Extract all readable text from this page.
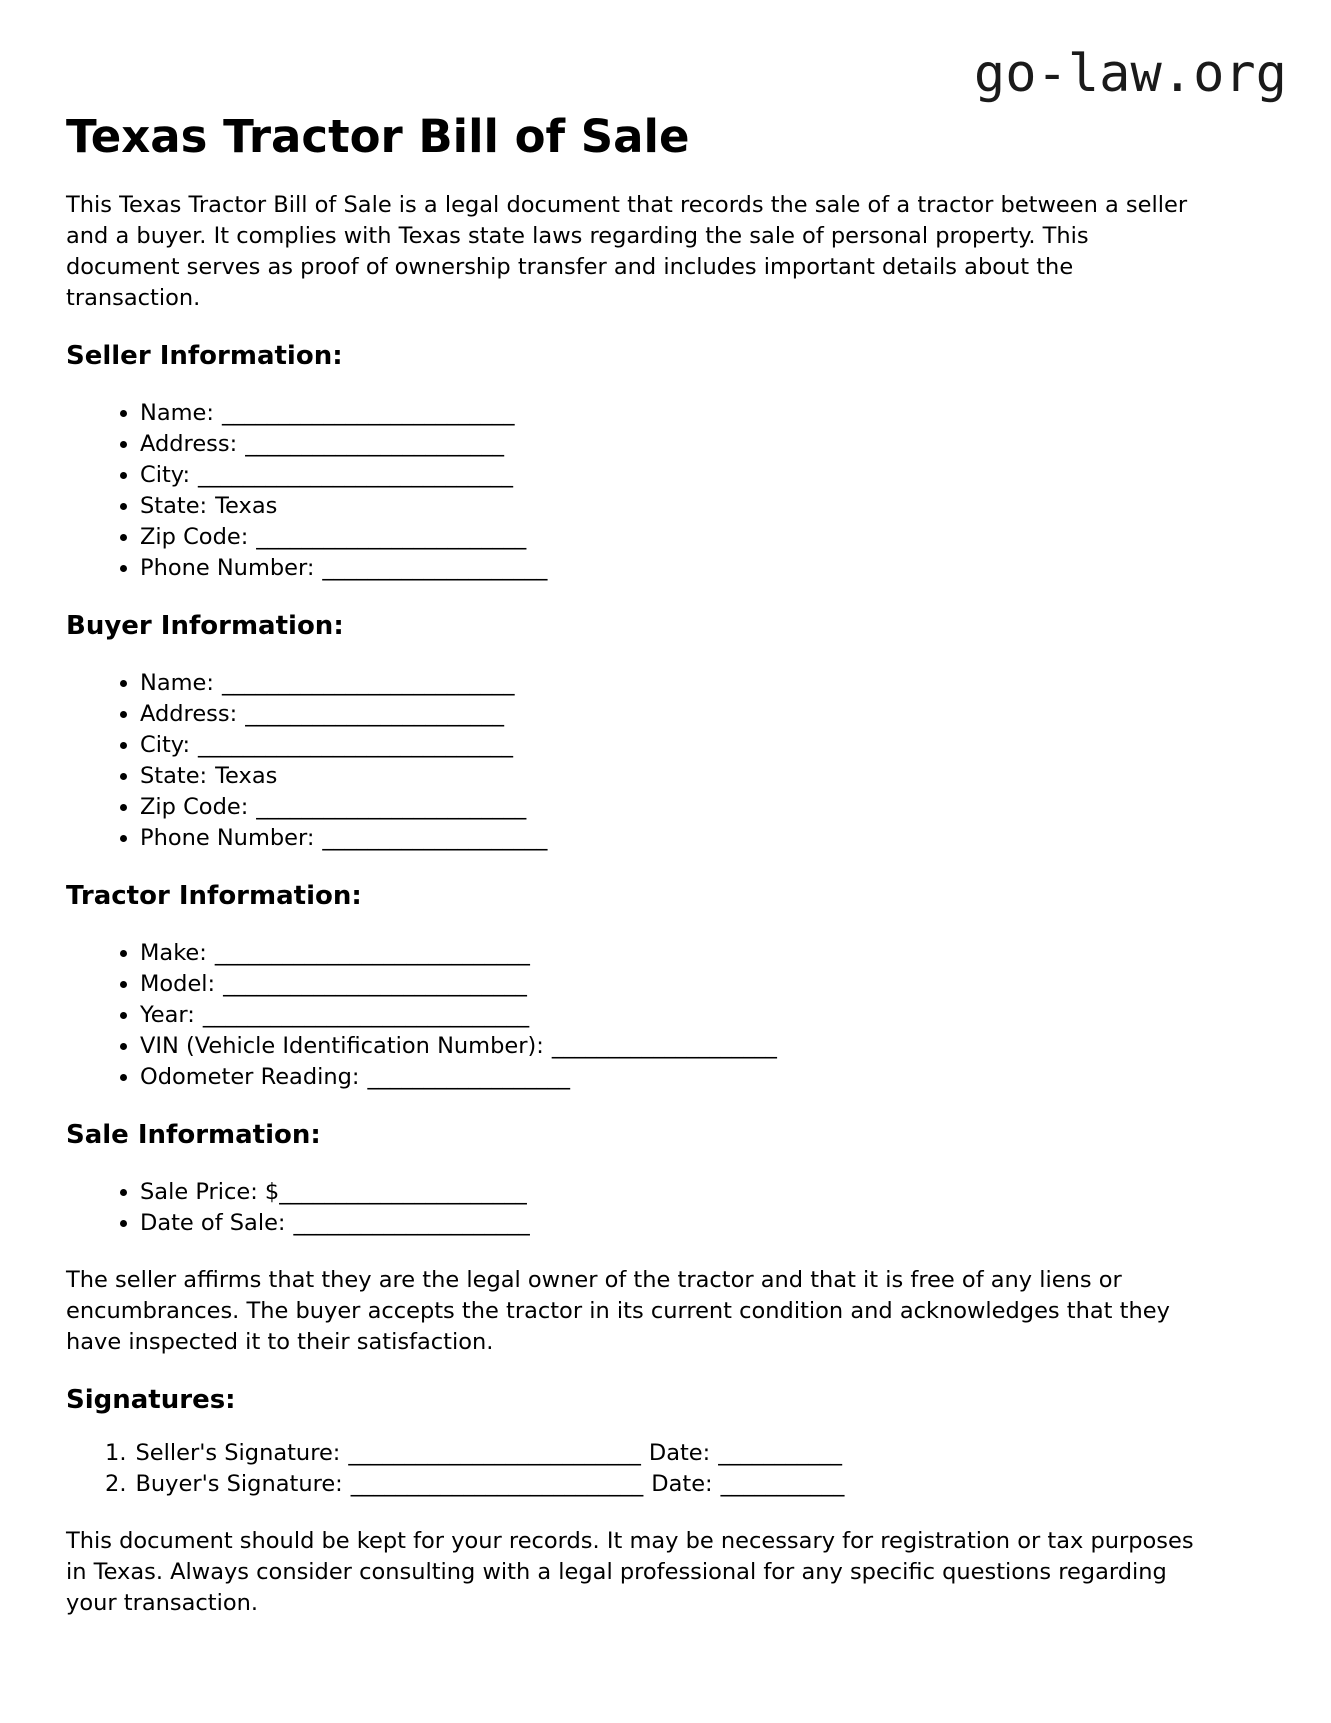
go-law.org
Texas Tractor Bill of Sale

This Texas Tractor Bill of Sale is a legal document that records the sale of a tractor between a seller and a buyer. It complies with Texas state laws regarding the sale of personal property. This document serves as proof of ownership transfer and includes important details about the transaction.

Seller Information:
• Name: __________________________
• Address: _______________________
• City: ____________________________
• State: Texas
• Zip Code: ________________________
• Phone Number: ____________________
Buyer Information:
• Name: __________________________
• Address: _______________________
• City: ____________________________
• State: Texas
• Zip Code: ________________________
• Phone Number: ____________________
Tractor Information:
• Make: ____________________________
• Model: ___________________________
• Year: _____________________________
• VIN (Vehicle Identification Number): ____________________
• Odometer Reading: __________________
Sale Information:
• Sale Price: $______________________
• Date of Sale: _____________________

The seller affirms that they are the legal owner of the tractor and that it is free of any liens or encumbrances. The buyer accepts the tractor in its current condition and acknowledges that they have inspected it to their satisfaction.

Signatures:
1. Seller's Signature: __________________________ Date: ___________
2. Buyer's Signature: __________________________ Date: ___________

This document should be kept for your records. It may be necessary for registration or tax purposes in Texas. Always consider consulting with a legal professional for any specific questions regarding your transaction.
